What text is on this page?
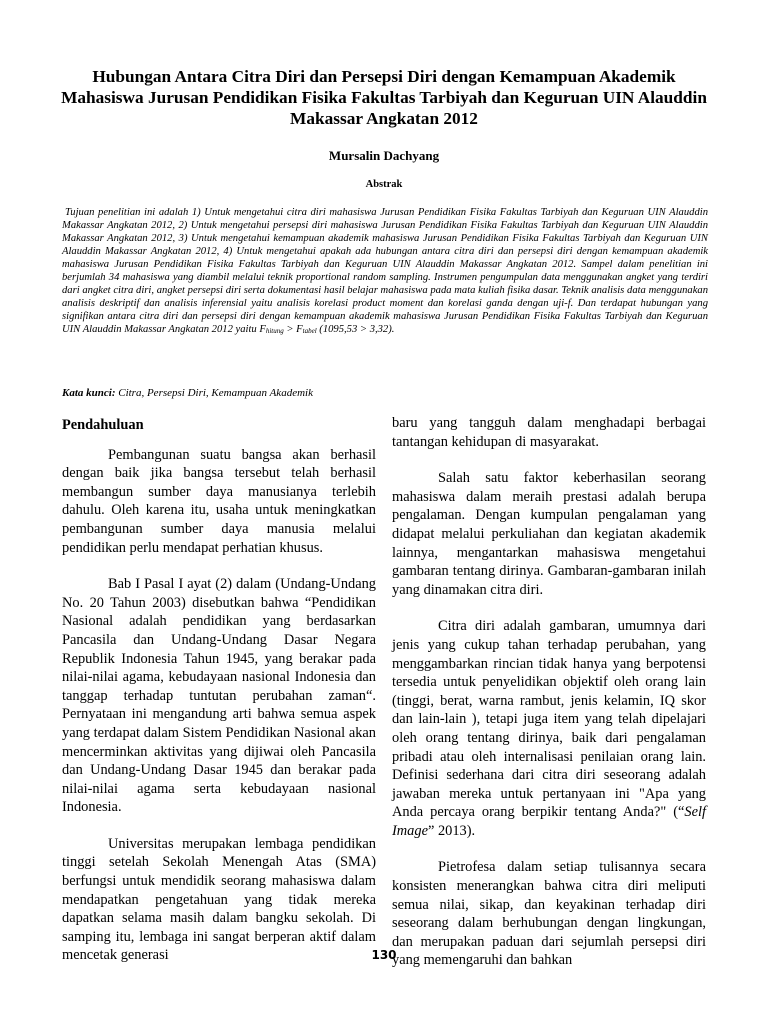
Hubungan Antara Citra Diri dan Persepsi Diri dengan Kemampuan Akademik Mahasiswa Jurusan Pendidikan Fisika Fakultas Tarbiyah dan Keguruan UIN Alauddin Makassar Angkatan 2012
Mursalin Dachyang
Abstrak
Tujuan penelitian ini adalah 1) Untuk mengetahui citra diri mahasiswa Jurusan Pendidikan Fisika Fakultas Tarbiyah dan Keguruan UIN Alauddin Makassar Angkatan 2012, 2) Untuk mengetahui persepsi diri mahasiswa Jurusan Pendidikan Fisika Fakultas Tarbiyah dan Keguruan UIN Alauddin Makassar Angkatan 2012, 3) Untuk mengetahui kemampuan akademik mahasiswa Jurusan Pendidikan Fisika Fakultas Tarbiyah dan Keguruan UIN Alauddin Makassar Angkatan 2012, 4) Untuk mengetahui apakah ada hubungan antara citra diri dan persepsi diri dengan kemampuan akademik mahasiswa Jurusan Pendidikan Fisika Fakultas Tarbiyah dan Keguruan UIN Alauddin Makassar Angkatan 2012. Sampel dalam penelitian ini berjumlah 34 mahasiswa yang diambil melalui teknik proportional random sampling. Instrumen pengumpulan data menggunakan angket yang terdiri dari angket citra diri, angket persepsi diri serta dokumentasi hasil belajar mahasiswa pada mata kuliah fisika dasar. Teknik analisis data menggunakan analisis deskriptif dan analisis inferensial yaitu analisis korelasi product moment dan korelasi ganda dengan uji-f. Dan terdapat hubungan yang signifikan antara citra diri dan persepsi diri dengan kemampuan akademik mahasiswa Jurusan Pendidikan Fisika Fakultas Tarbiyah dan Keguruan UIN Alauddin Makassar Angkatan 2012 yaitu $F_{hitung} > F_{tabel}$ (1095,53 > 3,32).
Kata kunci: Citra, Persepsi Diri, Kemampuan Akademik
Pendahuluan

Pembangunan suatu bangsa akan berhasil dengan baik jika bangsa tersebut telah berhasil membangun sumber daya manusianya terlebih dahulu. Oleh karena itu, usaha untuk meningkatkan pembangunan sumber daya manusia melalui pendidikan perlu mendapat perhatian khusus.

Bab I Pasal I ayat (2) dalam (Undang-Undang No. 20 Tahun 2003) disebutkan bahwa “Pendidikan Nasional adalah pendidikan yang berdasarkan Pancasila dan Undang-Undang Dasar Negara Republik Indonesia Tahun 1945, yang berakar pada nilai-nilai agama, kebudayaan nasional Indonesia dan tanggap terhadap tuntutan perubahan zaman“. Pernyataan ini mengandung arti bahwa semua aspek yang terdapat dalam Sistem Pendidikan Nasional akan mencerminkan aktivitas yang dijiwai oleh Pancasila dan Undang-Undang Dasar 1945 dan berakar pada nilai-nilai agama serta kebudayaan nasional Indonesia.

Universitas merupakan lembaga pendidikan tinggi setelah Sekolah Menengah Atas (SMA) berfungsi untuk mendidik seorang mahasiswa dalam mendapatkan pengetahuan yang tidak mereka dapatkan selama masih dalam bangku sekolah. Di samping itu, lembaga ini sangat berperan aktif dalam mencetak generasi

baru yang tangguh dalam menghadapi berbagai tantangan kehidupan di masyarakat.

Salah satu faktor keberhasilan seorang mahasiswa dalam meraih prestasi adalah berupa pengalaman. Dengan kumpulan pengalaman yang didapat melalui perkuliahan dan kegiatan akademik lainnya, mengantarkan mahasiswa mengetahui gambaran tentang dirinya. Gambaran-gambaran inilah yang dinamakan citra diri.

Citra diri adalah gambaran, umumnya dari jenis yang cukup tahan terhadap perubahan, yang menggambarkan rincian tidak hanya yang berpotensi tersedia untuk penyelidikan objektif oleh orang lain (tinggi, berat, warna rambut, jenis kelamin, IQ skor dan lain-lain ), tetapi juga item yang telah dipelajari oleh orang tentang dirinya, baik dari pengalaman pribadi atau oleh internalisasi penilaian orang lain. Definisi sederhana dari citra diri seseorang adalah jawaban mereka untuk pertanyaan ini "Apa yang Anda percaya orang berpikir tentang Anda?" (“Self Image” 2013).

Pietrofesa dalam setiap tulisannya secara konsisten menerangkan bahwa citra diri meliputi semua nilai, sikap, dan keyakinan terhadap diri seseorang dalam berhubungan dengan lingkungan, dan merupakan paduan dari sejumlah persepsi diri yang memengaruhi dan bahkan

130
